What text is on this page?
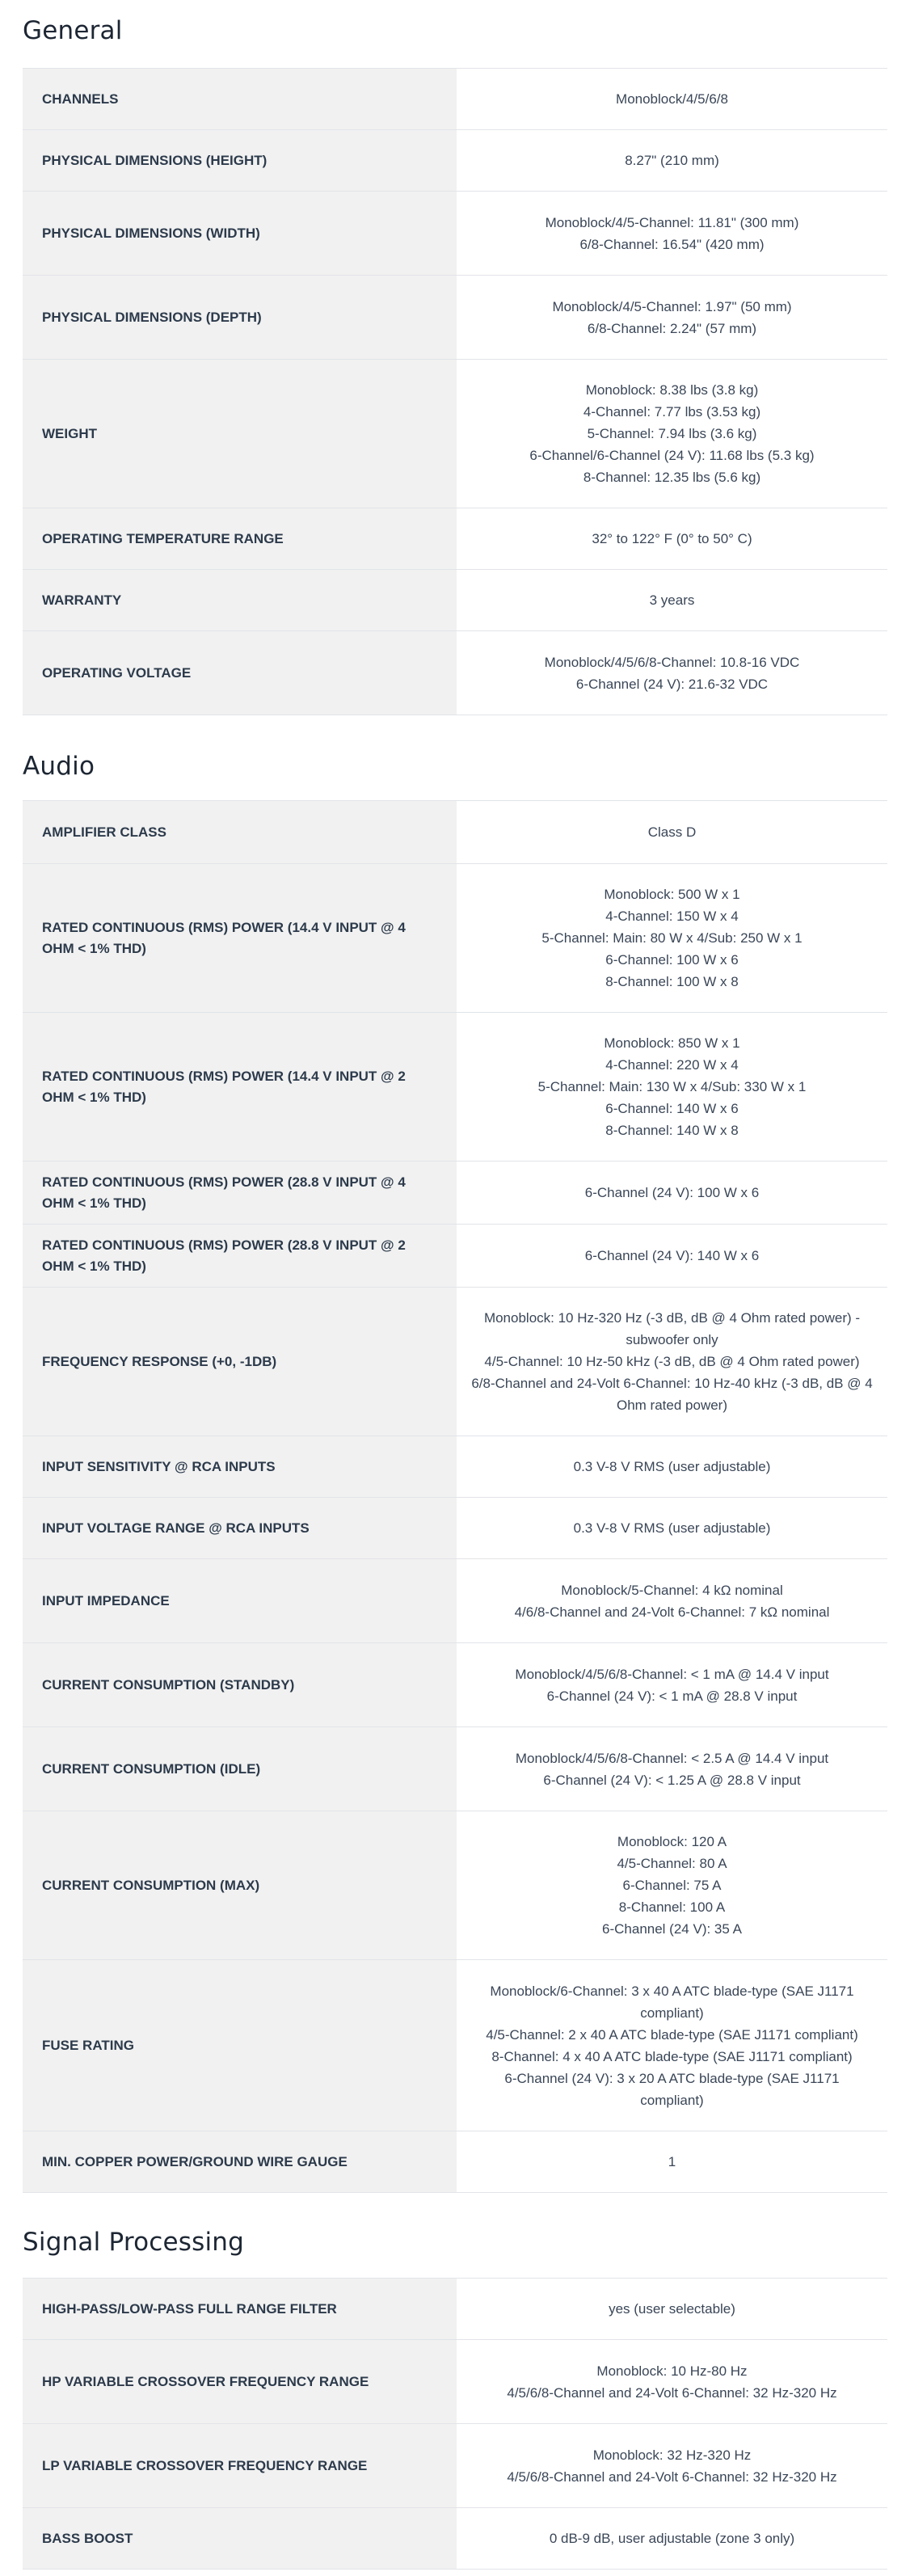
General
CHANNELS	Monoblock/4/5/6/8

PHYSICAL DIMENSIONS (HEIGHT)	8.27" (210 mm)

PHYSICAL DIMENSIONS (WIDTH)	Monoblock/4/5-Channel: 11.81" (300 mm)
6/8-Channel: 16.54" (420 mm)

PHYSICAL DIMENSIONS (DEPTH)	Monoblock/4/5-Channel: 1.97" (50 mm)
6/8-Channel: 2.24" (57 mm)

WEIGHT	Monoblock: 8.38 lbs (3.8 kg)
4-Channel: 7.77 lbs (3.53 kg)
5-Channel: 7.94 lbs (3.6 kg)
6-Channel/6-Channel (24 V): 11.68 lbs (5.3 kg)
8-Channel: 12.35 lbs (5.6 kg)

OPERATING TEMPERATURE RANGE	32° to 122° F (0° to 50° C)

WARRANTY	3 years

OPERATING VOLTAGE	Monoblock/4/5/6/8-Channel: 10.8-16 VDC
6-Channel (24 V): 21.6-32 VDC
Audio
AMPLIFIER CLASS	Class D

RATED CONTINUOUS (RMS) POWER (14.4 V INPUT @ 4 OHM < 1% THD)	Monoblock: 500 W x 1
4-Channel: 150 W x 4
5-Channel: Main: 80 W x 4/Sub: 250 W x 1
6-Channel: 100 W x 6
8-Channel: 100 W x 8

RATED CONTINUOUS (RMS) POWER (14.4 V INPUT @ 2 OHM < 1% THD)	Monoblock: 850 W x 1
4-Channel: 220 W x 4
5-Channel: Main: 130 W x 4/Sub: 330 W x 1
6-Channel: 140 W x 6
8-Channel: 140 W x 8

RATED CONTINUOUS (RMS) POWER (28.8 V INPUT @ 4 OHM < 1% THD)	6-Channel (24 V): 100 W x 6

RATED CONTINUOUS (RMS) POWER (28.8 V INPUT @ 2 OHM < 1% THD)	6-Channel (24 V): 140 W x 6

FREQUENCY RESPONSE (+0, -1DB)	Monoblock: 10 Hz-320 Hz (-3 dB, dB @ 4 Ohm rated power) - subwoofer only
4/5-Channel: 10 Hz-50 kHz (-3 dB, dB @ 4 Ohm rated power)
6/8-Channel and 24-Volt 6-Channel: 10 Hz-40 kHz (-3 dB, dB @ 4 Ohm rated power)

INPUT SENSITIVITY @ RCA INPUTS	0.3 V-8 V RMS (user adjustable)

INPUT VOLTAGE RANGE @ RCA INPUTS	0.3 V-8 V RMS (user adjustable)

INPUT IMPEDANCE	Monoblock/5-Channel: 4 kΩ nominal
4/6/8-Channel and 24-Volt 6-Channel: 7 kΩ nominal

CURRENT CONSUMPTION (STANDBY)	Monoblock/4/5/6/8-Channel: < 1 mA @ 14.4 V input
6-Channel (24 V): < 1 mA @ 28.8 V input

CURRENT CONSUMPTION (IDLE)	Monoblock/4/5/6/8-Channel: < 2.5 A @ 14.4 V input
6-Channel (24 V): < 1.25 A @ 28.8 V input

CURRENT CONSUMPTION (MAX)	Monoblock: 120 A
4/5-Channel: 80 A
6-Channel: 75 A
8-Channel: 100 A
6-Channel (24 V): 35 A

FUSE RATING	Monoblock/6-Channel: 3 x 40 A ATC blade-type (SAE J1171 compliant)
4/5-Channel: 2 x 40 A ATC blade-type (SAE J1171 compliant)
8-Channel: 4 x 40 A ATC blade-type (SAE J1171 compliant)
6-Channel (24 V): 3 x 20 A ATC blade-type (SAE J1171 compliant)

MIN. COPPER POWER/GROUND WIRE GAUGE	1
Signal Processing
HIGH-PASS/LOW-PASS FULL RANGE FILTER	yes (user selectable)

HP VARIABLE CROSSOVER FREQUENCY RANGE	Monoblock: 10 Hz-80 Hz
4/5/6/8-Channel and 24-Volt 6-Channel: 32 Hz-320 Hz

LP VARIABLE CROSSOVER FREQUENCY RANGE	Monoblock: 32 Hz-320 Hz
4/5/6/8-Channel and 24-Volt 6-Channel: 32 Hz-320 Hz

BASS BOOST	0 dB-9 dB, user adjustable (zone 3 only)
